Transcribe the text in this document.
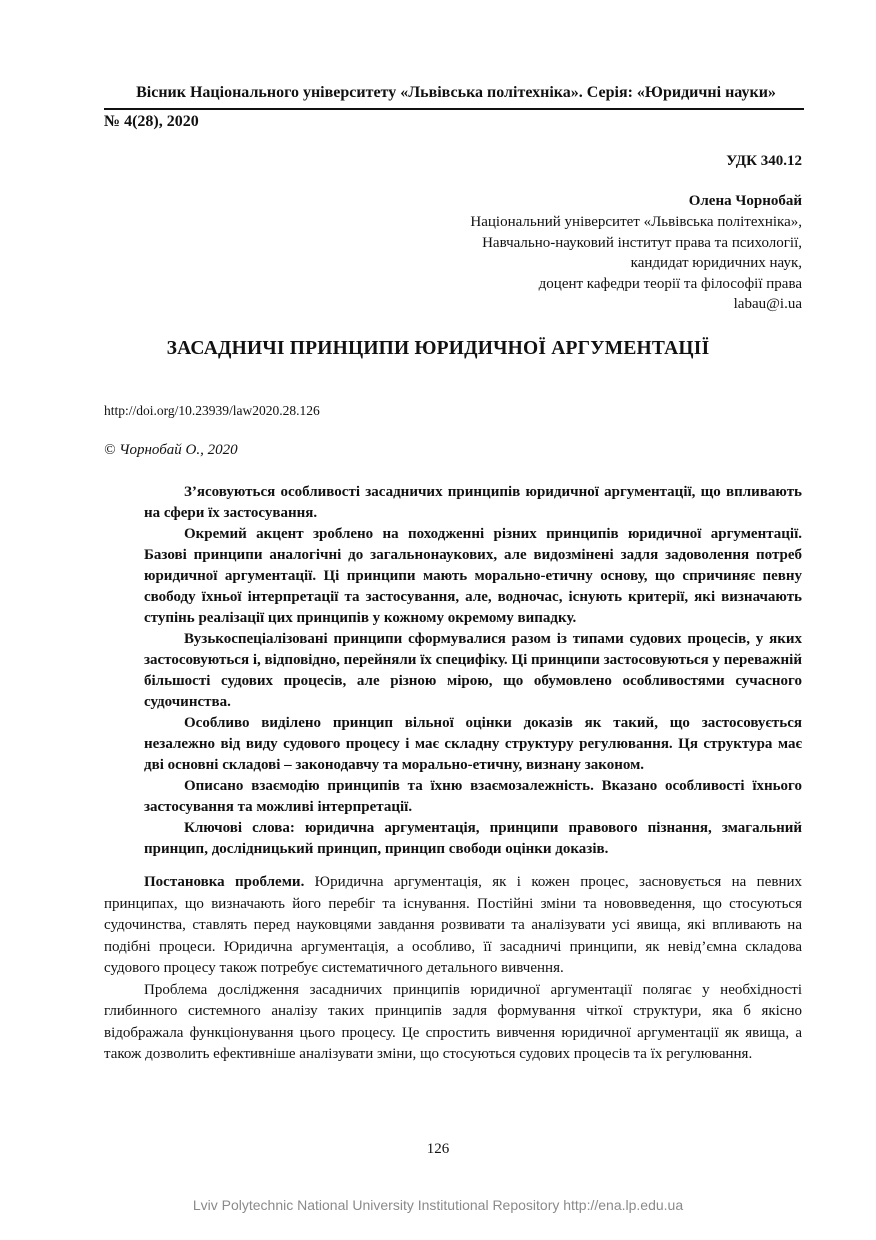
Вісник Національного університету «Львівська політехніка». Серія: «Юридичні науки»
№ 4(28), 2020
УДК 340.12
Олена Чорнобай
Національний університет «Львівська політехніка»,
Навчально-науковий інститут права та психології,
кандидат юридичних наук,
доцент кафедри теорії та філософії права
labau@i.ua
ЗАСАДНИЧІ ПРИНЦИПИ ЮРИДИЧНОЇ АРГУМЕНТАЦІЇ
http://doi.org/10.23939/law2020.28.126
© Чорнобай О., 2020

З’ясовуються особливості засадничих принципів юридичної аргументації, що впливають на сфери їх застосування.

Окремий акцент зроблено на походженні різних принципів юридичної аргументації. Базові принципи аналогічні до загальнонаукових, але видозмінені задля задоволення потреб юридичної аргументації. Ці принципи мають морально-етичну основу, що спричиняє певну свободу їхньої інтерпретації та застосування, але, водночас, існують критерії, які визначають ступінь реалізації цих принципів у кожному окремому випадку.

Вузькоспеціалізовані принципи сформувалися разом із типами судових процесів, у яких застосовуються і, відповідно, перейняли їх специфіку. Ці принципи застосовуються у переважній більшості судових процесів, але різною мірою, що обумовлено особливостями сучасного судочинства.

Особливо виділено принцип вільної оцінки доказів як такий, що застосовується незалежно від виду судового процесу і має складну структуру регулювання. Ця структура має дві основні складові – законодавчу та морально-етичну, визнану законом.

Описано взаємодію принципів та їхню взаємозалежність. Вказано особливості їхнього застосування та можливі інтерпретації.

Ключові слова: юридична аргументація, принципи правового пізнання, змагальний принцип, дослідницький принцип, принцип свободи оцінки доказів.

Постановка проблеми. Юридична аргументація, як і кожен процес, засновується на певних принципах, що визначають його перебіг та існування. Постійні зміни та нововведення, що стосуються судочинства, ставлять перед науковцями завдання розвивати та аналізувати усі явища, які впливають на подібні процеси. Юридична аргументація, а особливо, її засадничі принципи, як невід’ємна складова судового процесу також потребує систематичного детального вивчення.

Проблема дослідження засадничих принципів юридичної аргументації полягає у необхідності глибинного системного аналізу таких принципів задля формування чіткої структури, яка б якісно відображала функціонування цього процесу. Це спростить вивчення юридичної аргументації як явища, а також дозволить ефективніше аналізувати зміни, що стосуються судових процесів та їх регулювання.

126
Lviv Polytechnic National University Institutional Repository http://ena.lp.edu.ua
